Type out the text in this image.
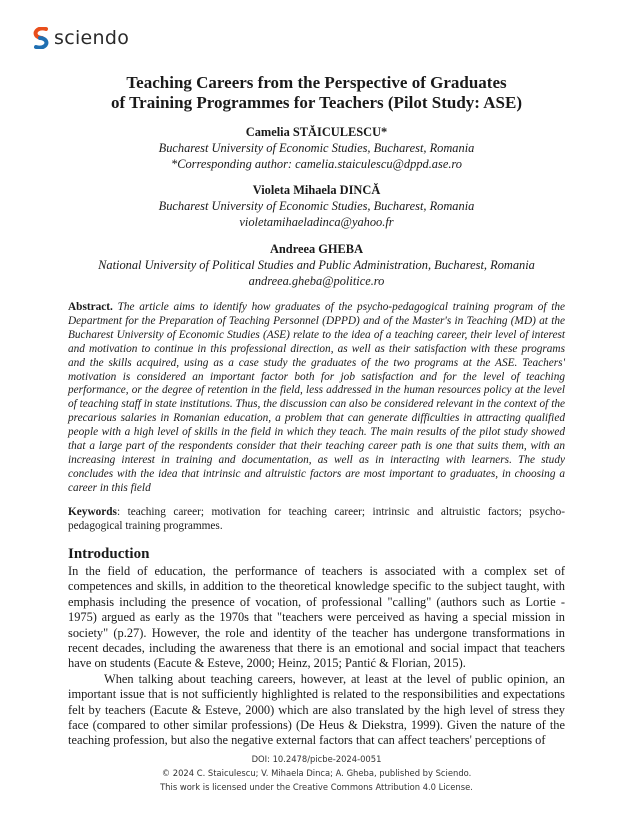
sciendo
Teaching Careers from the Perspective of Graduates
of Training Programmes for Teachers (Pilot Study: ASE)
Camelia STĂICULESCU*
Bucharest University of Economic Studies, Bucharest, Romania
*Corresponding author: camelia.staiculescu@dppd.ase.ro
Violeta Mihaela DINCĂ
Bucharest University of Economic Studies, Bucharest, Romania
violetamihaeladinca@yahoo.fr
Andreea GHEBA
National University of Political Studies and Public Administration, Bucharest, Romania
andreea.gheba@politice.ro
Abstract. The article aims to identify how graduates of the psycho-pedagogical training program of the Department for the Preparation of Teaching Personnel (DPPD) and of the Master's in Teaching (MD) at the Bucharest University of Economic Studies (ASE) relate to the idea of a teaching career, their level of interest and motivation to continue in this professional direction, as well as their satisfaction with these programs and the skills acquired, using as a case study the graduates of the two programs at the ASE. Teachers' motivation is considered an important factor both for job satisfaction and for the level of teaching performance, or the degree of retention in the field, less addressed in the human resources policy at the level of teaching staff in state institutions. Thus, the discussion can also be considered relevant in the context of the precarious salaries in Romanian education, a problem that can generate difficulties in attracting qualified people with a high level of skills in the field in which they teach. The main results of the pilot study showed that a large part of the respondents consider that their teaching career path is one that suits them, with an increasing interest in training and documentation, as well as in interacting with learners. The study concludes with the idea that intrinsic and altruistic factors are most important to graduates, in choosing a career in this field
Keywords: teaching career; motivation for teaching career; intrinsic and altruistic factors; psycho-pedagogical training programmes.
Introduction

In the field of education, the performance of teachers is associated with a complex set of competences and skills, in addition to the theoretical knowledge specific to the subject taught, with emphasis including the presence of vocation, of professional "calling" (authors such as Lortie - 1975) argued as early as the 1970s that "teachers were perceived as having a special mission in society" (p.27). However, the role and identity of the teacher has undergone transformations in recent decades, including the awareness that there is an emotional and social impact that teachers have on students (Eacute & Esteve, 2000; Heinz, 2015; Pantić & Florian, 2015).

When talking about teaching careers, however, at least at the level of public opinion, an important issue that is not sufficiently highlighted is related to the responsibilities and expectations felt by teachers (Eacute & Esteve, 2000) which are also translated by the high level of stress they face (compared to other similar professions) (De Heus & Diekstra, 1999). Given the nature of the teaching profession, but also the negative external factors that can affect teachers' perceptions of

DOI: 10.2478/picbe-2024-0051
© 2024 C. Staiculescu; V. Mihaela Dinca; A. Gheba, published by Sciendo.
This work is licensed under the Creative Commons Attribution 4.0 License.
